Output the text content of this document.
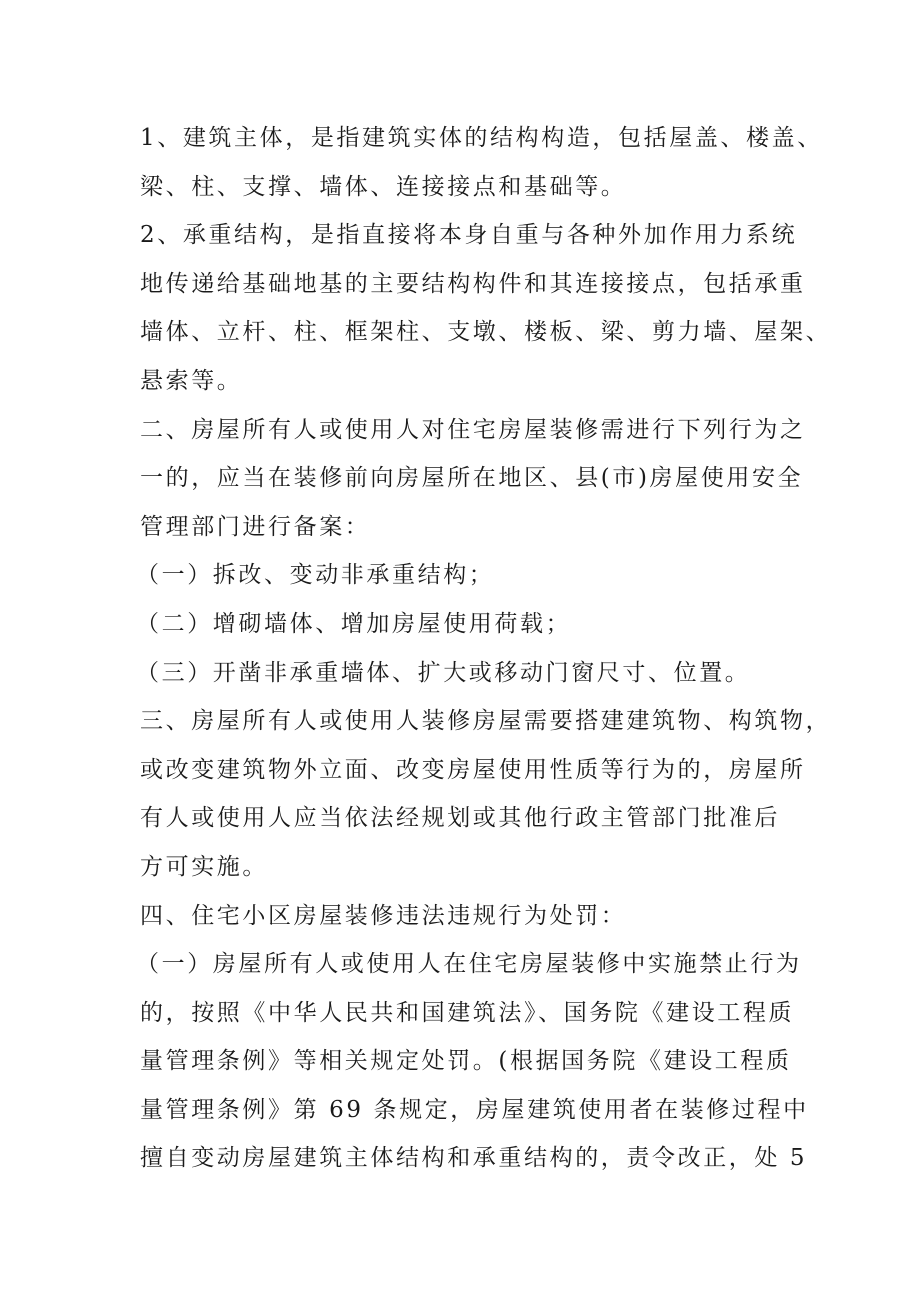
1、建筑主体，是指建筑实体的结构构造，包括屋盖、楼盖、
梁、柱、支撑、墙体、连接接点和基础等。
2、承重结构，是指直接将本身自重与各种外加作用力系统
地传递给基础地基的主要结构构件和其连接接点，包括承重
墙体、立杆、柱、框架柱、支墩、楼板、梁、剪力墙、屋架、
悬索等。
二、房屋所有人或使用人对住宅房屋装修需进行下列行为之
一的，应当在装修前向房屋所在地区、县(市)房屋使用安全
管理部门进行备案：
（一）拆改、变动非承重结构；
（二）增砌墙体、增加房屋使用荷载；
（三）开凿非承重墙体、扩大或移动门窗尺寸、位置。
三、房屋所有人或使用人装修房屋需要搭建建筑物、构筑物，
或改变建筑物外立面、改变房屋使用性质等行为的，房屋所
有人或使用人应当依法经规划或其他行政主管部门批准后
方可实施。
四、住宅小区房屋装修违法违规行为处罚：
（一）房屋所有人或使用人在住宅房屋装修中实施禁止行为
的，按照《中华人民共和国建筑法》、国务院《建设工程质
量管理条例》等相关规定处罚。(根据国务院《建设工程质
量管理条例》第 69 条规定，房屋建筑使用者在装修过程中
擅自变动房屋建筑主体结构和承重结构的，责令改正，处 5
